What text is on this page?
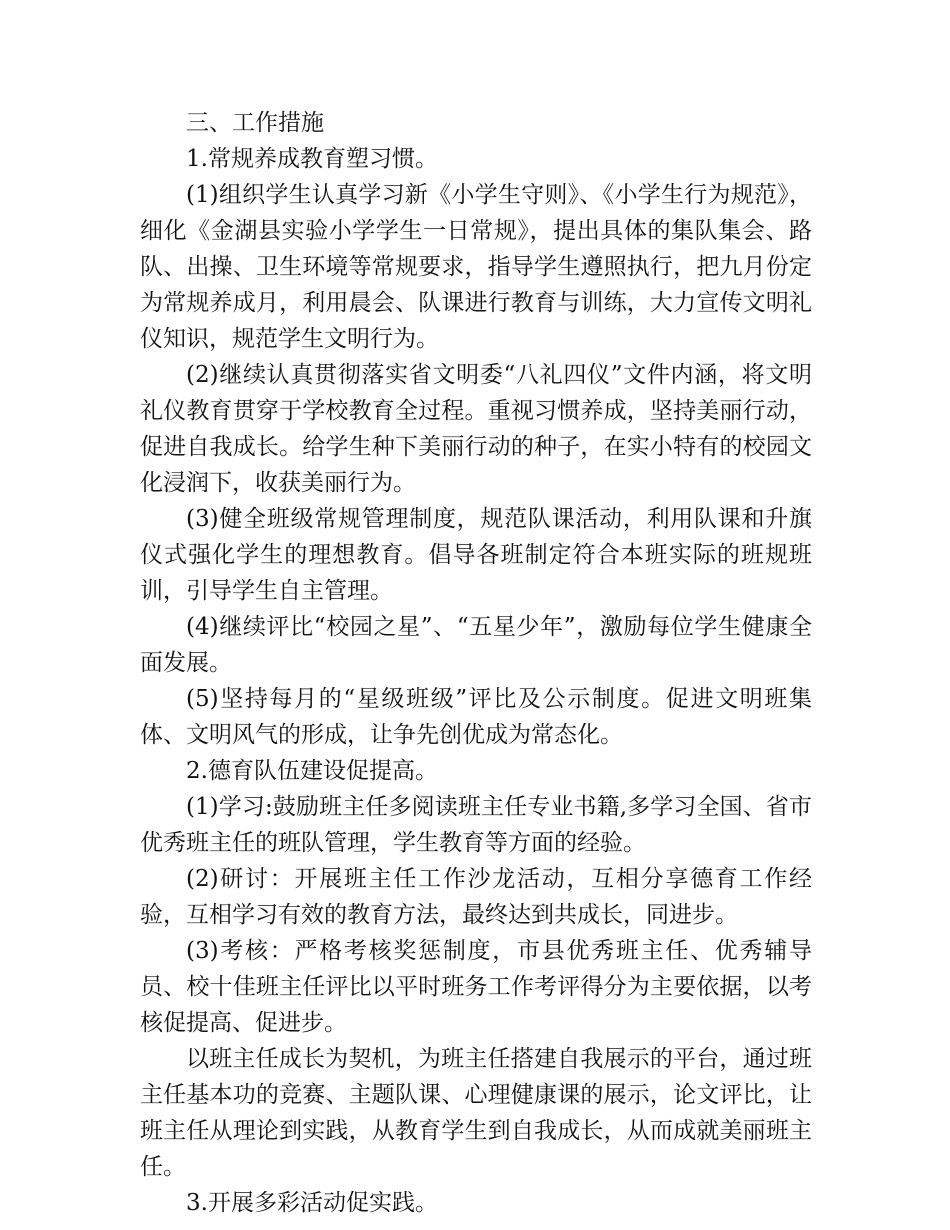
三、工作措施

1.常规养成教育塑习惯。

(1)组织学生认真学习新《小学生守则》、《小学生行为规范》，细化《金湖县实验小学学生一日常规》，提出具体的集队集会、路队、出操、卫生环境等常规要求，指导学生遵照执行，把九月份定为常规养成月，利用晨会、队课进行教育与训练，大力宣传文明礼仪知识，规范学生文明行为。

(2)继续认真贯彻落实省文明委“八礼四仪”文件内涵，将文明礼仪教育贯穿于学校教育全过程。重视习惯养成，坚持美丽行动，促进自我成长。给学生种下美丽行动的种子，在实小特有的校园文化浸润下，收获美丽行为。

(3)健全班级常规管理制度，规范队课活动，利用队课和升旗仪式强化学生的理想教育。倡导各班制定符合本班实际的班规班训，引导学生自主管理。

(4)继续评比“校园之星”、“五星少年”，激励每位学生健康全面发展。

(5)坚持每月的“星级班级”评比及公示制度。促进文明班集体、文明风气的形成，让争先创优成为常态化。

2.德育队伍建设促提高。

(1)学习:鼓励班主任多阅读班主任专业书籍,多学习全国、省市优秀班主任的班队管理，学生教育等方面的经验。

(2)研讨：开展班主任工作沙龙活动，互相分享德育工作经验，互相学习有效的教育方法，最终达到共成长，同进步。

(3)考核：严格考核奖惩制度，市县优秀班主任、优秀辅导员、校十佳班主任评比以平时班务工作考评得分为主要依据，以考核促提高、促进步。

以班主任成长为契机，为班主任搭建自我展示的平台，通过班主任基本功的竞赛、主题队课、心理健康课的展示，论文评比，让班主任从理论到实践，从教育学生到自我成长，从而成就美丽班主任。

3.开展多彩活动促实践。
